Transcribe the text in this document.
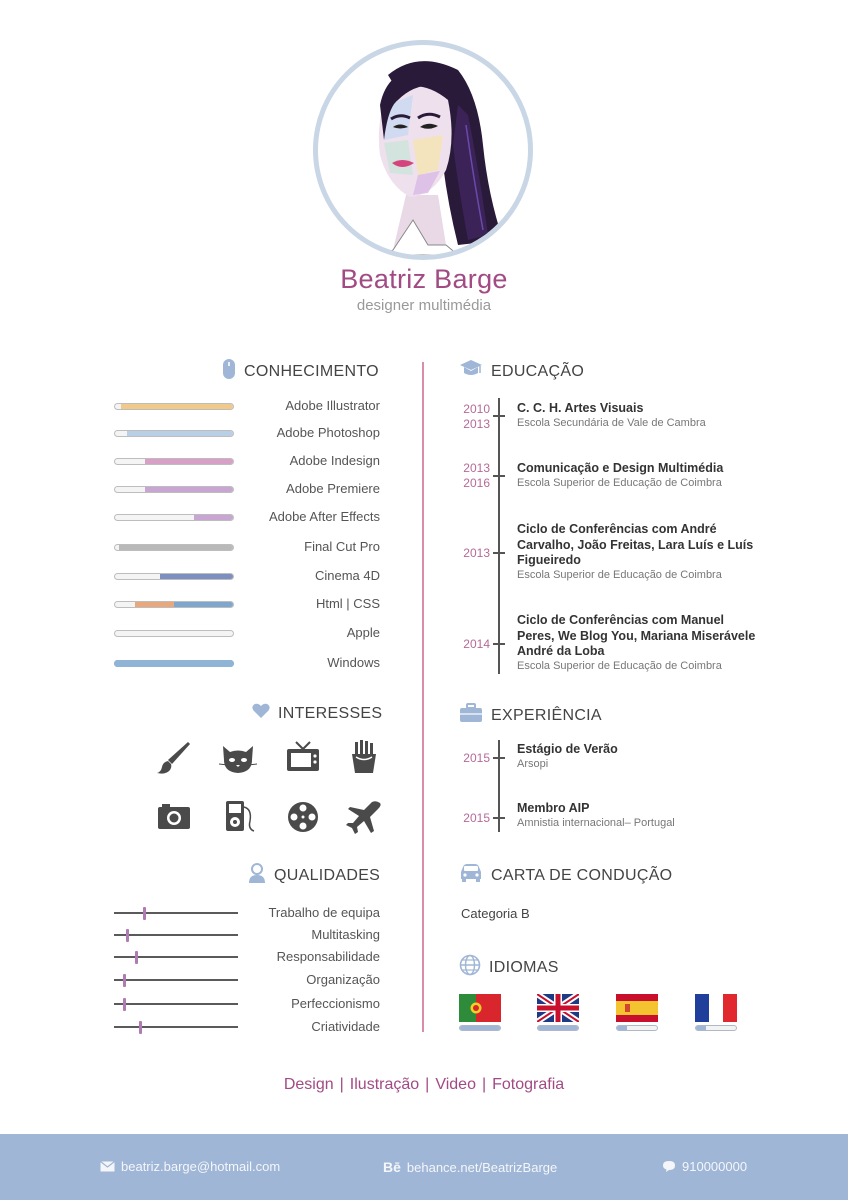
Beatriz Barge
designer multimédia
CONHECIMENTO
Adobe Illustrator
Adobe Photoshop
Adobe Indesign
Adobe Premiere
Adobe After Effects
Final Cut Pro
Cinema 4D
Html | CSS
Apple
Windows
INTERESSES
QUALIDADES
Trabalho de equipa
Multitasking
Responsabilidade
Organização
Perfeccionismo
Criatividade
EDUCAÇÃO
2010
2013
C. C. H. Artes Visuais
Escola Secundária de Vale de Cambra
2013
2016
Comunicação e Design Multimédia
Escola Superior de Educação de Coimbra
2013
Ciclo de Conferências com André Carvalho, João Freitas, Lara Luís e Luís Figueiredo
Escola Superior de Educação de Coimbra
2014
Ciclo de Conferências com Manuel Peres, We Blog You, Mariana Miserávele André da Loba
Escola Superior de Educação de Coimbra
EXPERIÊNCIA
2015
Estágio de Verão
Arsopi
2015
Membro AIP
Amnistia internacional– Portugal
CARTA DE CONDUÇÃO
Categoria B
IDIOMAS
Design | Ilustração | Video | Fotografia
beatriz.barge@hotmail.com	Bē behance.net/BeatrizBarge	910000000
